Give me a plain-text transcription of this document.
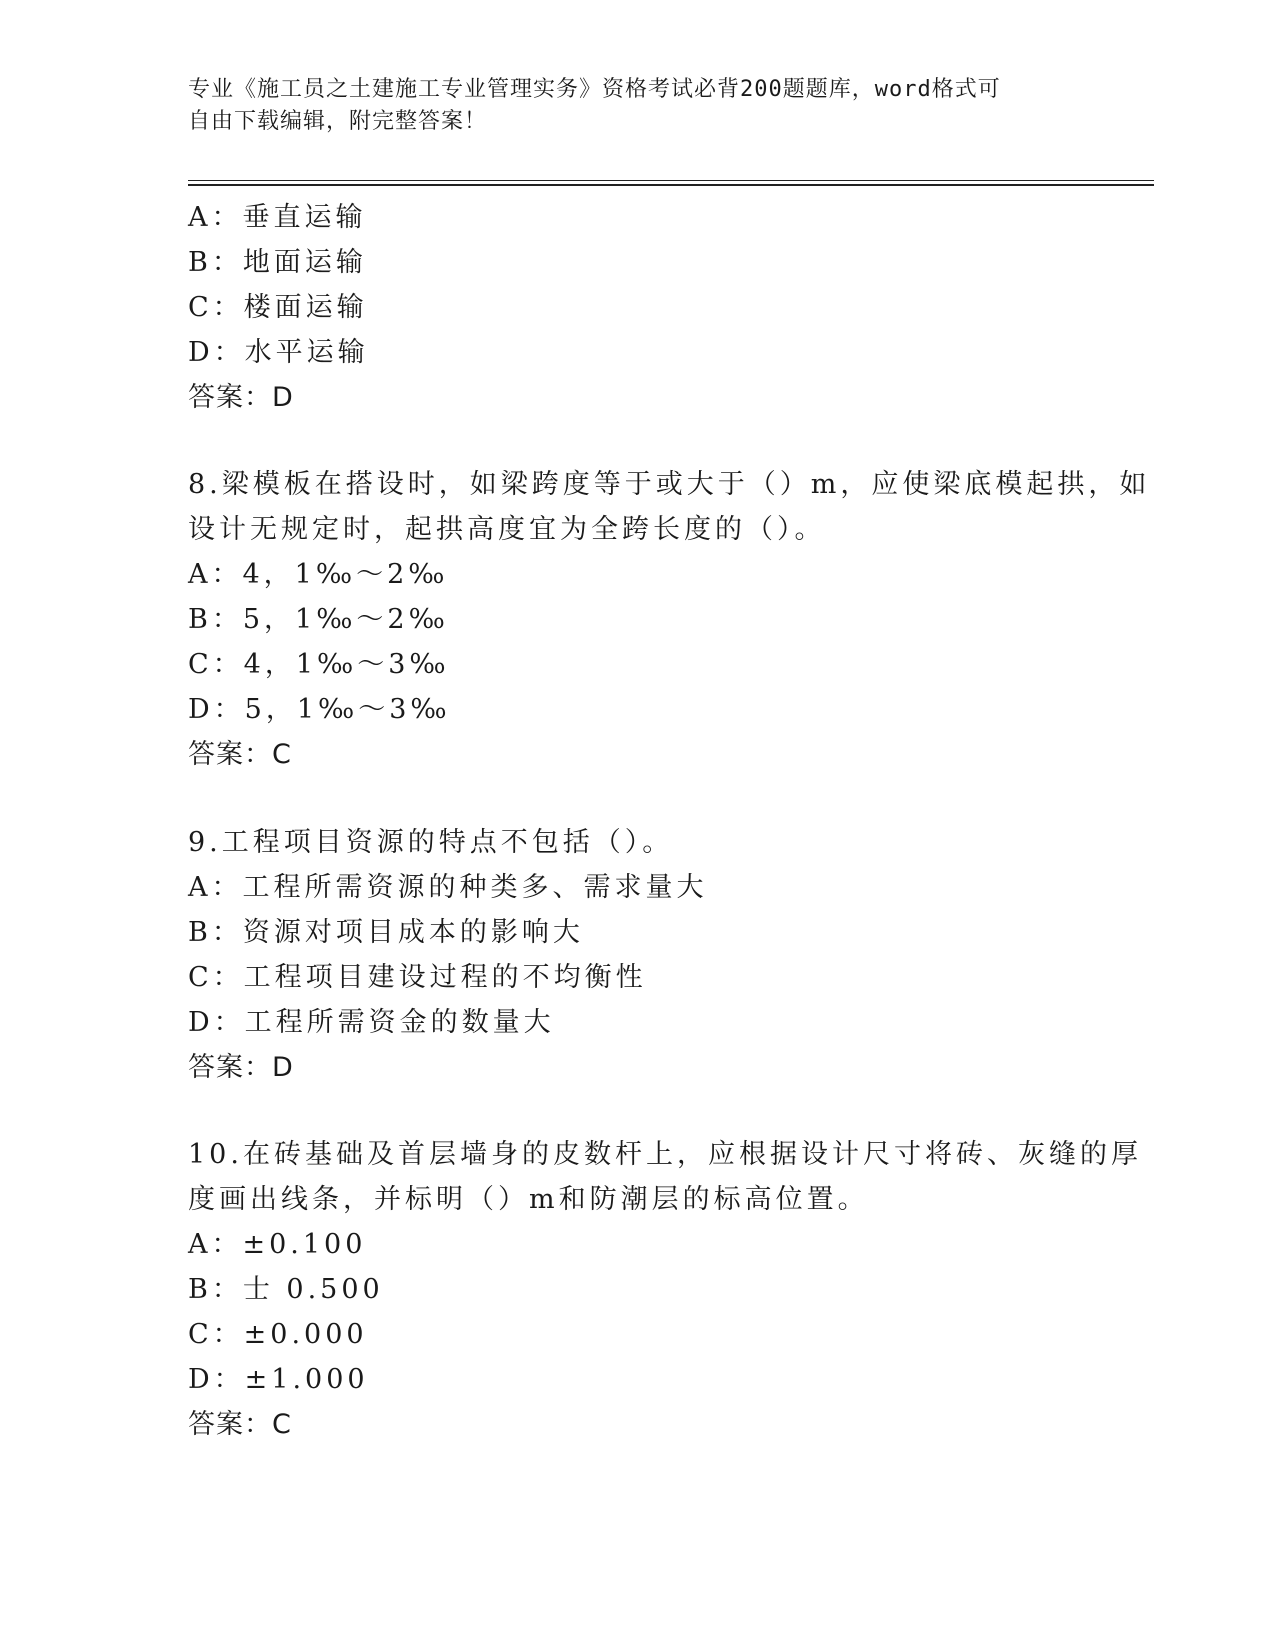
专业《施工员之土建施工专业管理实务》资格考试必背200题题库，word格式可
自由下载编辑，附完整答案！
A：垂直运输
B：地面运输
C：楼面运输
D：水平运输
答案：D
8.梁模板在搭设时，如梁跨度等于或大于（）m，应使梁底模起拱，如
设计无规定时，起拱高度宜为全跨长度的（）。
A：4，1‰～2‰
B：5，1‰～2‰
C：4，1‰～3‰
D：5，1‰～3‰
答案：C
9.工程项目资源的特点不包括（）。
A：工程所需资源的种类多、需求量大
B：资源对项目成本的影响大
C：工程项目建设过程的不均衡性
D：工程所需资金的数量大
答案：D
10.在砖基础及首层墙身的皮数杆上，应根据设计尺寸将砖、灰缝的厚
度画出线条，并标明（）m和防潮层的标高位置。
A：±0.100
B：士 0.500
C：±0.000
D：±1.000
答案：C
